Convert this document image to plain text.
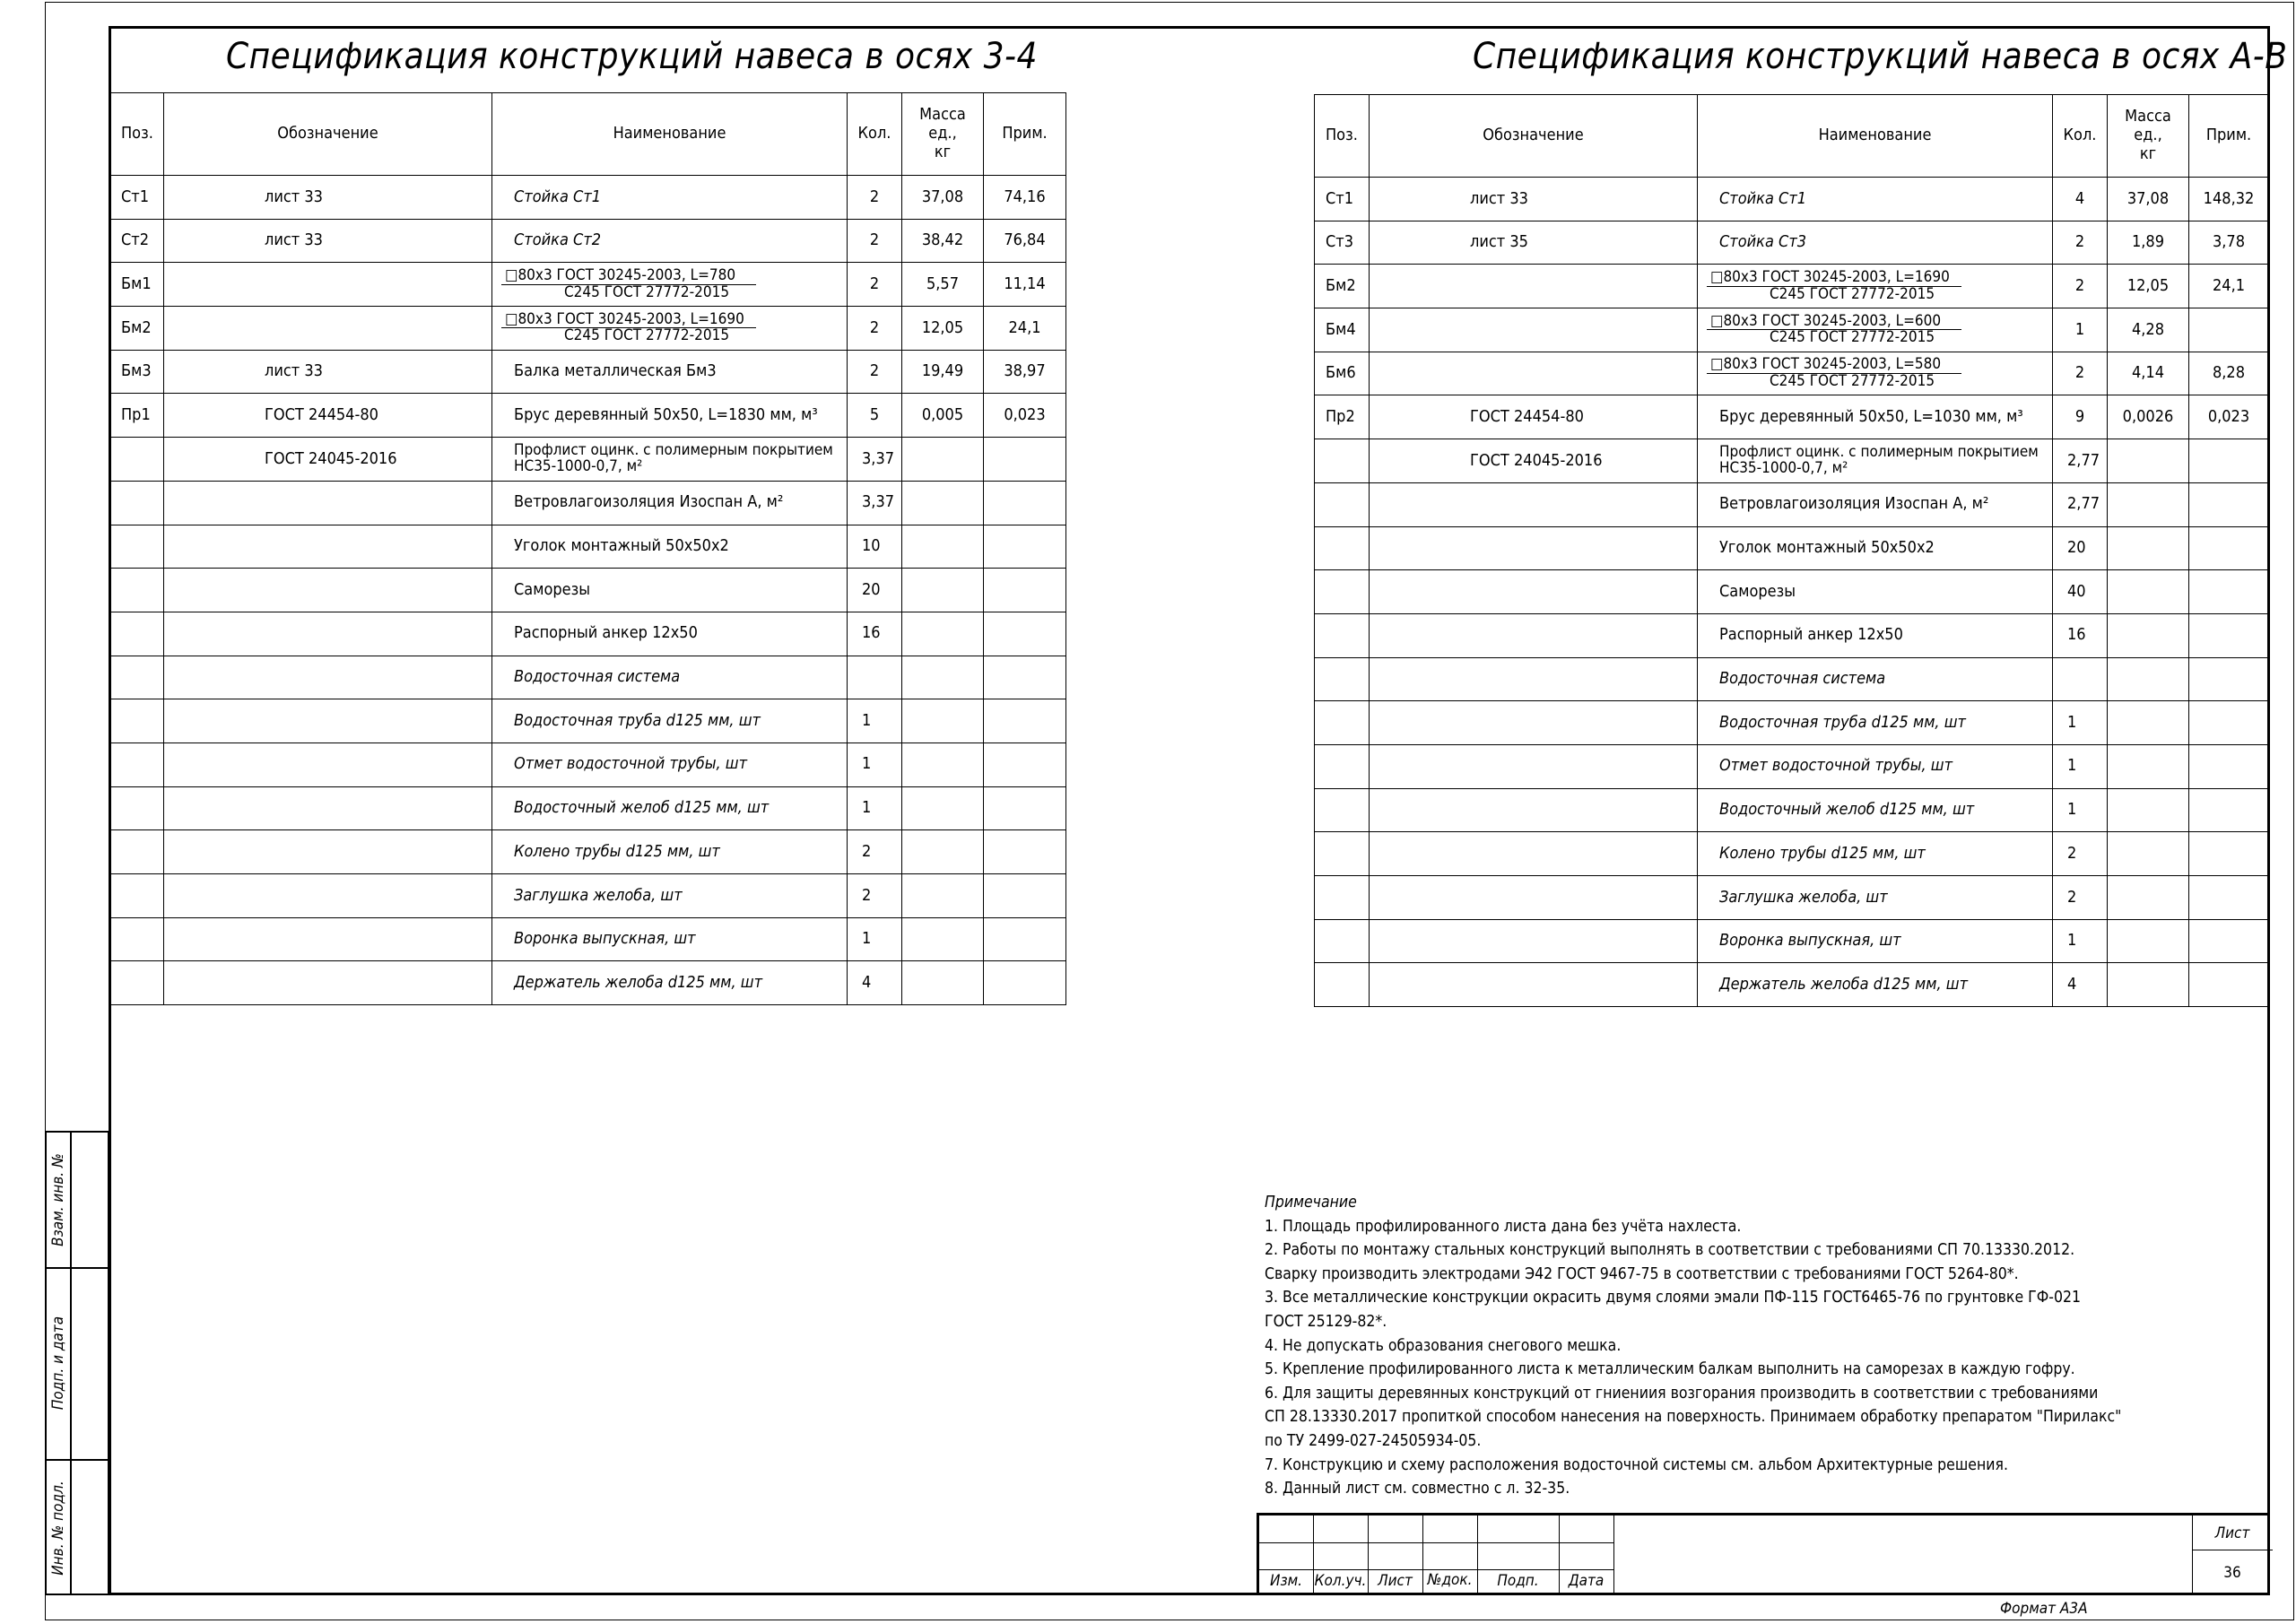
Спецификация конструкций навеса в осях 3-4	Спецификация конструкций навеса в осях А-В
Поз.	Обозначение	Наименование	Кол.	Масса
ед.,
кг	Прим.
Ст1	лист 33	Стойка Ст1	2	37,08	74,16
Ст2	лист 33	Стойка Ст2	2	38,42	76,84
Бм1		□80х3 ГОСТ 30245-2003, L=780
С245 ГОСТ 27772-2015	2	5,57	11,14
Бм2		□80х3 ГОСТ 30245-2003, L=1690
С245 ГОСТ 27772-2015	2	12,05	24,1
Бм3	лист 33	Балка металлическая Бм3	2	19,49	38,97
Пр1	ГОСТ 24454-80	Брус деревянный 50х50, L=1830 мм, м³	5	0,005	0,023
	ГОСТ 24045-2016	Профлист оцинк. с полимерным покрытием
НС35-1000-0,7, м²	3,37		
		Ветровлагоизоляция Изоспан А, м²	3,37		
		Уголок монтажный 50х50х2	10		
		Саморезы	20		
		Распорный анкер 12х50	16		
		Водосточная система			
		Водосточная труба d125 мм, шт	1		
		Отмет водосточной трубы, шт	1		
		Водосточный желоб d125 мм, шт	1		
		Колено трубы d125 мм, шт	2		
		Заглушка желоба, шт	2		
		Воронка выпускная, шт	1		
		Держатель желоба d125 мм, шт	4		
Поз.	Обозначение	Наименование	Кол.	Масса
ед.,
кг	Прим.
Ст1	лист 33	Стойка Ст1	4	37,08	148,32
Ст3	лист 35	Стойка Ст3	2	1,89	3,78
Бм2		□80х3 ГОСТ 30245-2003, L=1690
С245 ГОСТ 27772-2015	2	12,05	24,1
Бм4		□80х3 ГОСТ 30245-2003, L=600
С245 ГОСТ 27772-2015	1	4,28	
Бм6		□80х3 ГОСТ 30245-2003, L=580
С245 ГОСТ 27772-2015	2	4,14	8,28
Пр2	ГОСТ 24454-80	Брус деревянный 50х50, L=1030 мм, м³	9	0,0026	0,023
	ГОСТ 24045-2016	Профлист оцинк. с полимерным покрытием
НС35-1000-0,7, м²	2,77		
		Ветровлагоизоляция Изоспан А, м²	2,77		
		Уголок монтажный 50х50х2	20		
		Саморезы	40		
		Распорный анкер 12х50	16		
		Водосточная система			
		Водосточная труба d125 мм, шт	1		
		Отмет водосточной трубы, шт	1		
		Водосточный желоб d125 мм, шт	1		
		Колено трубы d125 мм, шт	2		
		Заглушка желоба, шт	2		
		Воронка выпускная, шт	1		
		Держатель желоба d125 мм, шт	4		
Примечание
1. Площадь профилированного листа дана без учёта нахлеста.
2. Работы по монтажу стальных конструкций выполнять в соответствии с требованиями СП 70.13330.2012.
Сварку производить электродами Э42 ГОСТ 9467-75 в соответствии с требованиями ГОСТ 5264-80*.
3. Все металлические конструкции окрасить двумя слоями эмали ПФ-115 ГОСТ6465-76 по грунтовке ГФ-021
ГОСТ 25129-82*.
4. Не допускать образования снегового мешка.
5. Крепление профилированного листа к металлическим балкам выполнить на саморезах в каждую гофру.
6. Для защиты деревянных конструкций от гниениия возгорания производить в соответствии с требованиями
СП 28.13330.2017 пропиткой способом нанесения на поверхность. Принимаем обработку препаратом "Пирилакс"
по ТУ 2499-027-24505934-05.
7. Конструкцию и схему расположения водосточной системы см. альбом Архитектурные решения.
8. Данный лист см. совместно с л. 32-35.
Взам. инв. №
Подп. и дата
Инв. № подл.
Изм. Кол.уч. Лист №док.	Подп.	Дата
Лист
36
Формат А3А
